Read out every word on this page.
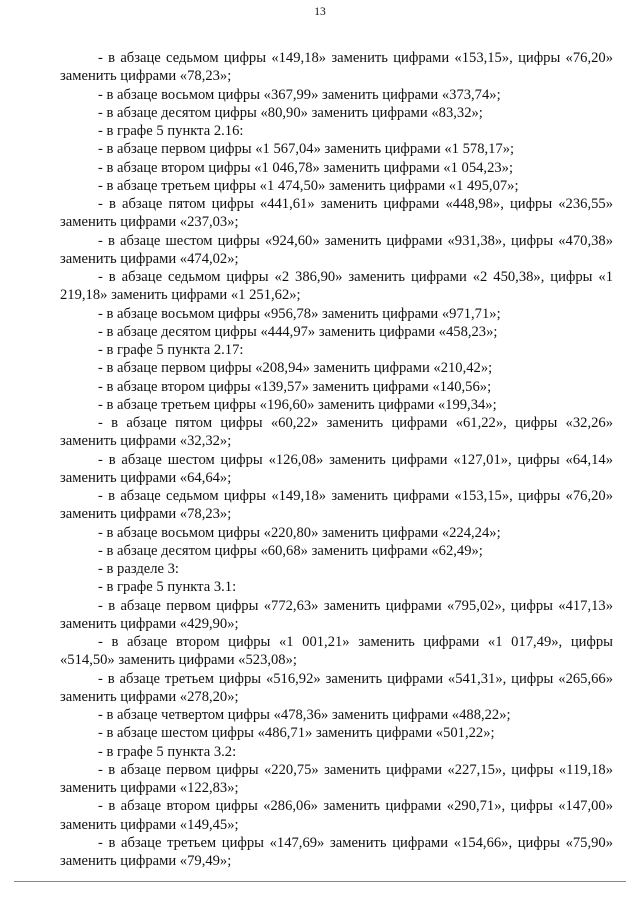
13

- в абзаце седьмом цифры «149,18» заменить цифрами «153,15», цифры «76,20» заменить цифрами «78,23»;

- в абзаце восьмом цифры «367,99» заменить цифрами «373,74»;

- в абзаце десятом цифры «80,90» заменить цифрами «83,32»;

- в графе 5 пункта 2.16:

- в абзаце первом цифры «1 567,04» заменить цифрами «1 578,17»;

- в абзаце втором цифры «1 046,78» заменить цифрами «1 054,23»;

- в абзаце третьем цифры «1 474,50» заменить цифрами «1 495,07»;

- в абзаце пятом цифры «441,61» заменить цифрами «448,98», цифры «236,55» заменить цифрами «237,03»;

- в абзаце шестом цифры «924,60» заменить цифрами «931,38», цифры «470,38» заменить цифрами «474,02»;

- в абзаце седьмом цифры «2 386,90» заменить цифрами «2 450,38», цифры «1 219,18» заменить цифрами «1 251,62»;

- в абзаце восьмом цифры «956,78» заменить цифрами «971,71»;

- в абзаце десятом цифры «444,97» заменить цифрами «458,23»;

- в графе 5 пункта 2.17:

- в абзаце первом цифры «208,94» заменить цифрами «210,42»;

- в абзаце втором цифры «139,57» заменить цифрами «140,56»;

- в абзаце третьем цифры «196,60» заменить цифрами «199,34»;

- в абзаце пятом цифры «60,22» заменить цифрами «61,22», цифры «32,26» заменить цифрами «32,32»;

- в абзаце шестом цифры «126,08» заменить цифрами «127,01», цифры «64,14» заменить цифрами «64,64»;

- в абзаце седьмом цифры «149,18» заменить цифрами «153,15», цифры «76,20» заменить цифрами «78,23»;

- в абзаце восьмом цифры «220,80» заменить цифрами «224,24»;

- в абзаце десятом цифры «60,68» заменить цифрами «62,49»;

- в разделе 3:

- в графе 5 пункта 3.1:

- в абзаце первом цифры «772,63» заменить цифрами «795,02», цифры «417,13» заменить цифрами «429,90»;

- в абзаце втором цифры «1 001,21» заменить цифрами «1 017,49», цифры «514,50» заменить цифрами «523,08»;

- в абзаце третьем цифры «516,92» заменить цифрами «541,31», цифры «265,66» заменить цифрами «278,20»;

- в абзаце четвертом цифры «478,36» заменить цифрами «488,22»;

- в абзаце шестом цифры «486,71» заменить цифрами «501,22»;

- в графе 5 пункта 3.2:

- в абзаце первом цифры «220,75» заменить цифрами «227,15», цифры «119,18» заменить цифрами «122,83»;

- в абзаце втором цифры «286,06» заменить цифрами «290,71», цифры «147,00» заменить цифрами «149,45»;

- в абзаце третьем цифры «147,69» заменить цифрами «154,66», цифры «75,90» заменить цифрами «79,49»;
